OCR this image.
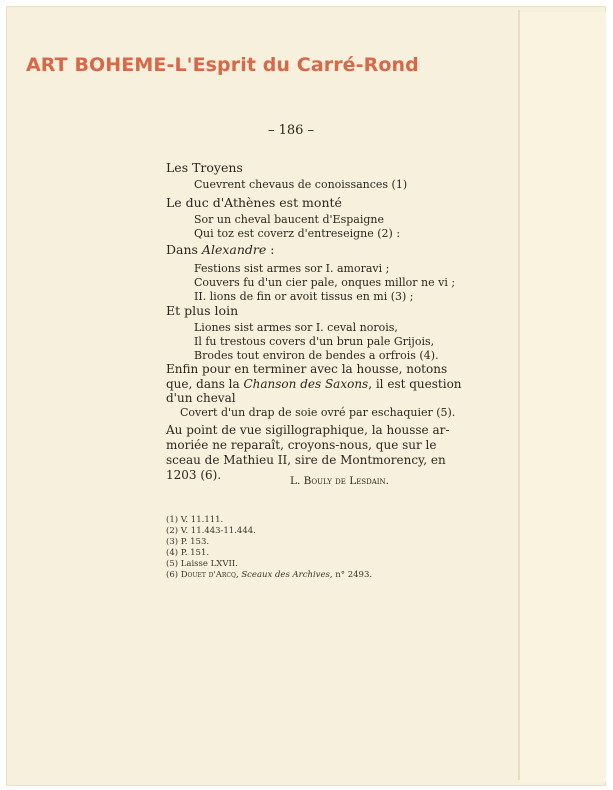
ART BOHEME-L'Esprit du Carré-Rond
– 186 –
Les Troyens
Cuevrent chevaus de conoissances (1)
Le duc d'Athènes est monté
Sor un cheval baucent d'Espaigne
Qui toz est coverz d'entreseigne (2) :
Dans Alexandre :
Festions sist armes sor I. amoravi ;
Couvers fu d'un cier pale, onques millor ne vi ;
II. lions de fin or avoit tissus en mi (3) ;
Et plus loin
Liones sist armes sor I. ceval norois,
Il fu trestous covers d'un brun pale Grijois,
Brodes tout environ de bendes a orfrois (4).
Enfin pour en terminer avec la housse, notons
que, dans la Chanson des Saxons, il est question
d'un cheval
Covert d'un drap de soie ovré par eschaquier (5).
Au point de vue sigillographique, la housse ar-
moriée ne reparaît, croyons-nous, que sur le
sceau de Mathieu II, sire de Montmorency, en
1203 (6).	L. Bouly de Lesdain.
(1) V. 11.111.
(2) V. 11.443-11.444.
(3) P. 153.
(4) P. 151.
(5) Laisse LXVII.
(6) Douet d'Arcq, Sceaux des Archives, n° 2493.
